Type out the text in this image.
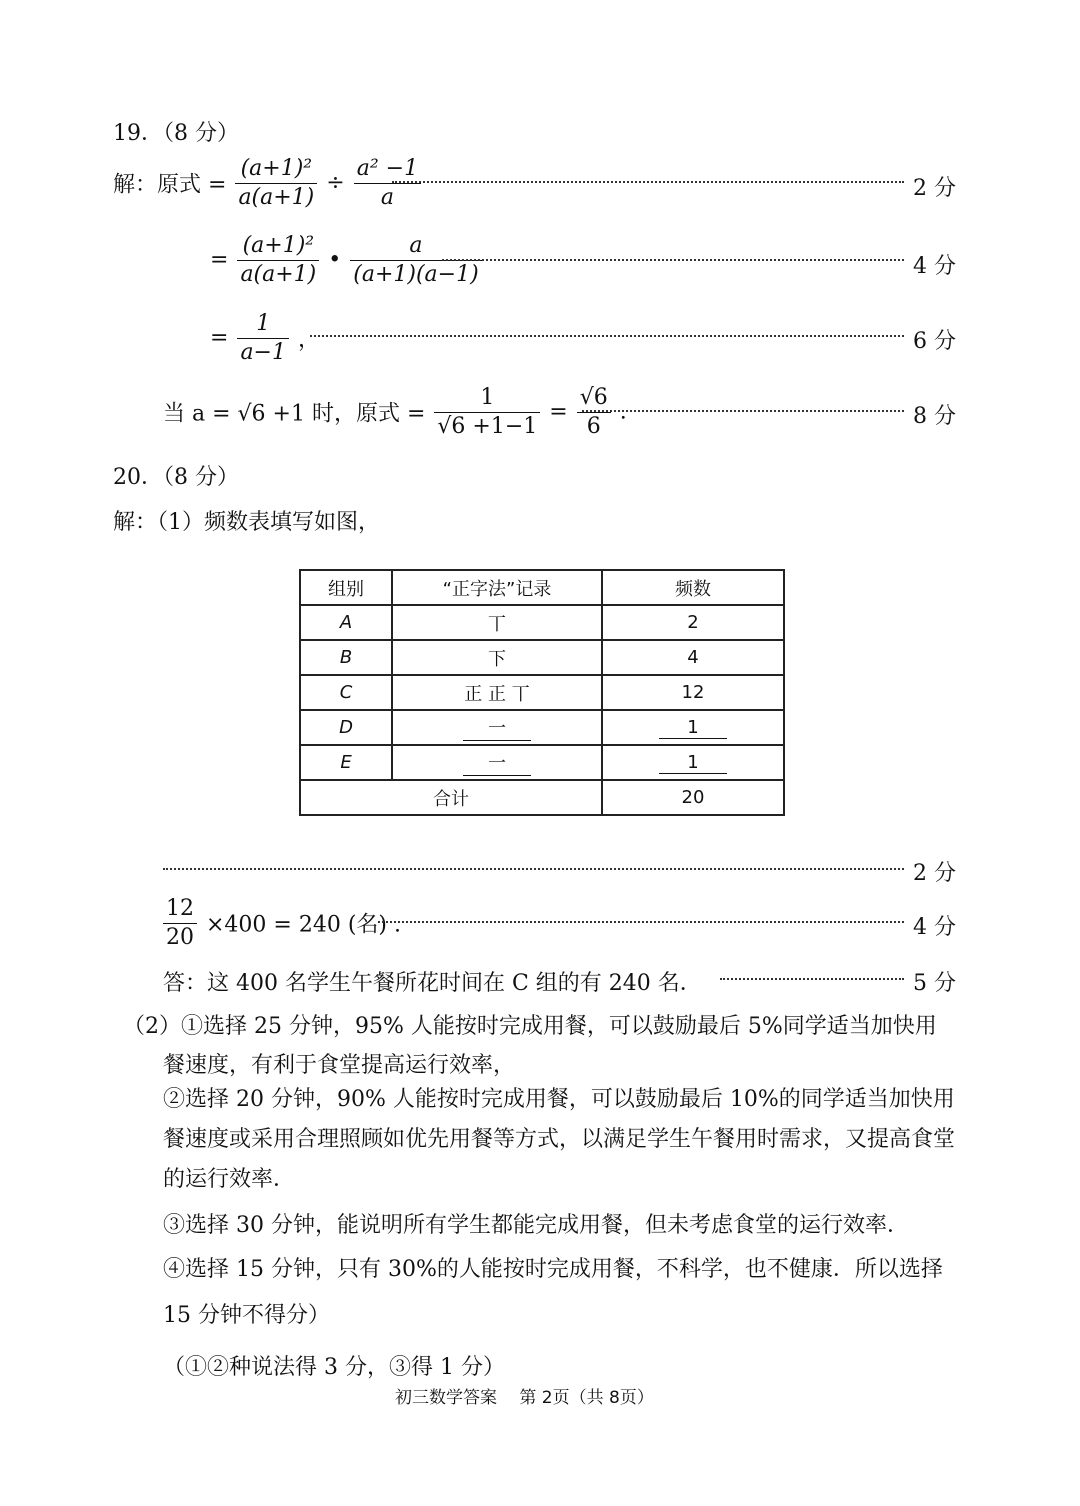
19．（8 分）
解：原式 = $\frac{\text{(a+1)²}}{a(a+1)} \div \frac{\text{a² −1}}{a}$	2 分
= $\frac{\text{(a+1)²}}{a(a+1)}$ • $\frac{a}{(a+1)(a-1)}$	4 分
= $\frac{1}{a-1}$ ，	6 分
当 a = √6 +1 时，原式 = $\frac{1}{√6 +1-1} = \frac{√6}{6}$ .	8 分
20．（8 分）
解：（1）频数表填写如图，
组别	“正字法”记录	频数
A	丅	2
B	下	4
C	正 正 丅	12
D	一	1
E	一	1
合计		20
2 分
$\frac{12}{20} \times 400 = 240$ (名) .	4 分
答：这 400 名学生午餐所花时间在 C 组的有 240 名．	5 分
（2）①选择 25 分钟，95% 人能按时完成用餐，可以鼓励最后 5%同学适当加快用
餐速度，有利于食堂提高运行效率，
②选择 20 分钟，90% 人能按时完成用餐，可以鼓励最后 10%的同学适当加快用餐速度或采用合理照顾如优先用餐等方式，以满足学生午餐用时需求，又提高食堂的运行效率．
③选择 30 分钟，能说明所有学生都能完成用餐，但未考虑食堂的运行效率．
④选择 15 分钟，只有 30%的人能按时完成用餐，不科学，也不健康．所以选择 15 分钟不得分）
（①②种说法得 3 分，③得 1 分）
初三数学答案　 第 2页（共 8页）
